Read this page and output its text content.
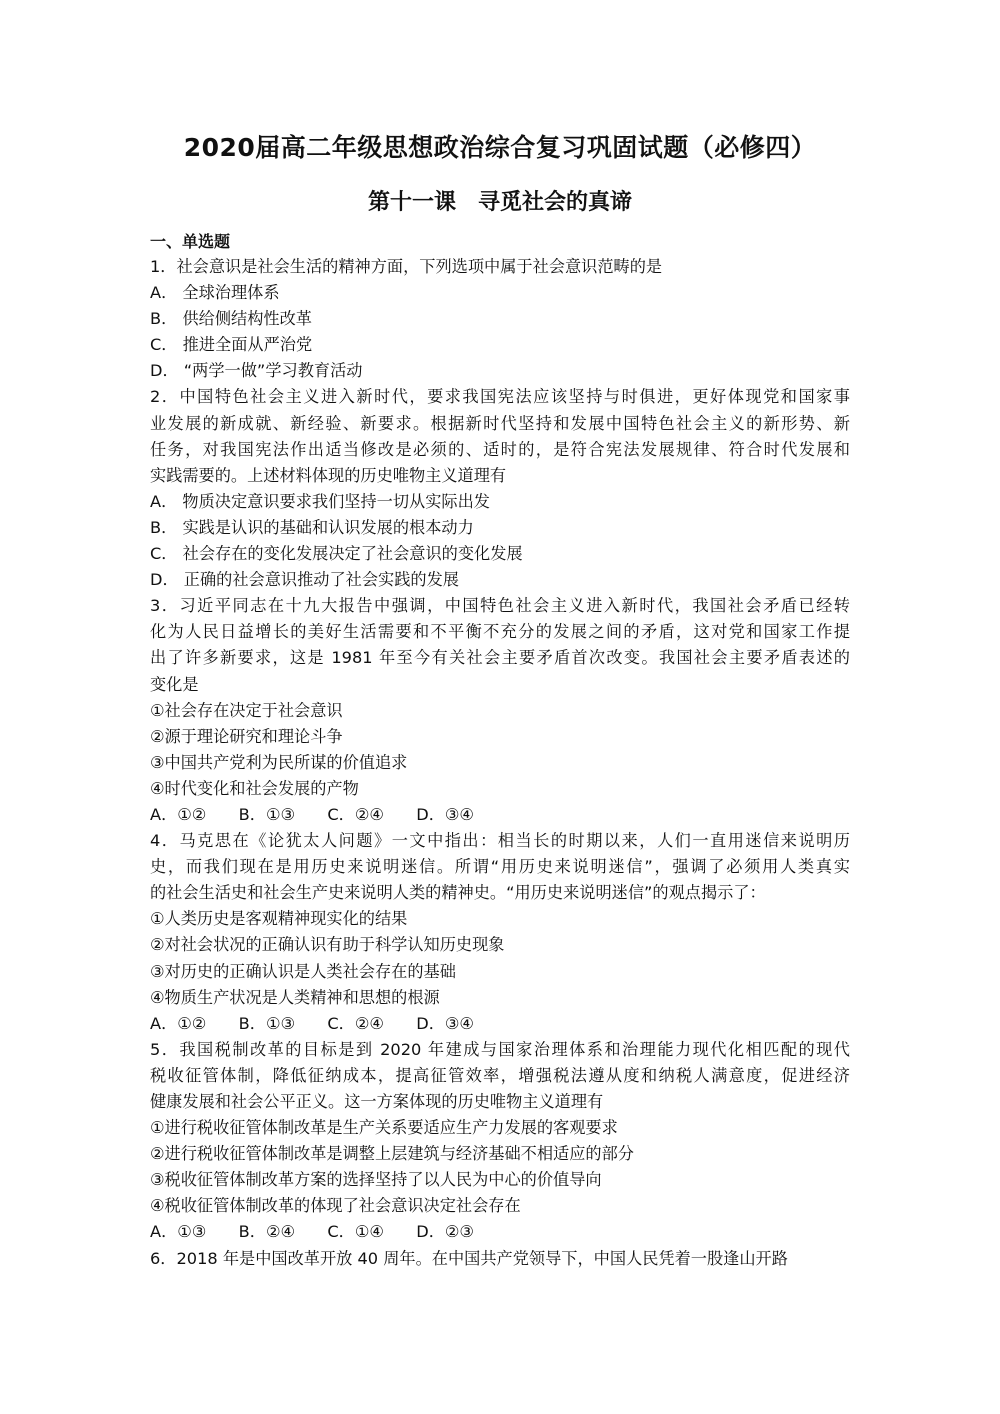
2020届高二年级思想政治综合复习巩固试题（必修四）
第十一课　寻觅社会的真谛
一、单选题
1．社会意识是社会生活的精神方面，下列选项中属于社会意识范畴的是
A． 全球治理体系
B． 供给侧结构性改革
C． 推进全面从严治党
D． “两学一做”学习教育活动
2．中国特色社会主义进入新时代，要求我国宪法应该坚持与时俱进，更好体现党和国家事
业发展的新成就、新经验、新要求。根据新时代坚持和发展中国特色社会主义的新形势、新
任务，对我国宪法作出适当修改是必须的、适时的，是符合宪法发展规律、符合时代发展和
实践需要的。上述材料体现的历史唯物主义道理有
A． 物质决定意识要求我们坚持一切从实际出发
B． 实践是认识的基础和认识发展的根本动力
C． 社会存在的变化发展决定了社会意识的变化发展
D． 正确的社会意识推动了社会实践的发展
3．习近平同志在十九大报告中强调，中国特色社会主义进入新时代，我国社会矛盾已经转
化为人民日益增长的美好生活需要和不平衡不充分的发展之间的矛盾，这对党和国家工作提
出了许多新要求，这是 1981 年至今有关社会主要矛盾首次改变。我国社会主要矛盾表述的
变化是
①社会存在决定于社会意识
②源于理论研究和理论斗争
③中国共产党利为民所谋的价值追求
④时代变化和社会发展的产物
A．①②　　B．①③　　C．②④　　D．③④
4．马克思在《论犹太人问题》一文中指出：相当长的时期以来，人们一直用迷信来说明历
史，而我们现在是用历史来说明迷信。所谓“用历史来说明迷信”，强调了必须用人类真实
的社会生活史和社会生产史来说明人类的精神史。“用历史来说明迷信”的观点揭示了：
①人类历史是客观精神现实化的结果
②对社会状况的正确认识有助于科学认知历史现象
③对历史的正确认识是人类社会存在的基础
④物质生产状况是人类精神和思想的根源
A．①②　　B．①③　　C．②④　　D．③④
5．我国税制改革的目标是到 2020 年建成与国家治理体系和治理能力现代化相匹配的现代
税收征管体制，降低征纳成本，提高征管效率，增强税法遵从度和纳税人满意度，促进经济
健康发展和社会公平正义。这一方案体现的历史唯物主义道理有
①进行税收征管体制改革是生产关系要适应生产力发展的客观要求
②进行税收征管体制改革是调整上层建筑与经济基础不相适应的部分
③税收征管体制改革方案的选择坚持了以人民为中心的价值导向
④税收征管体制改革的体现了社会意识决定社会存在
A．①③　　B．②④　　C．①④　　D．②③
6．2018 年是中国改革开放 40 周年。在中国共产党领导下，中国人民凭着一股逢山开路
